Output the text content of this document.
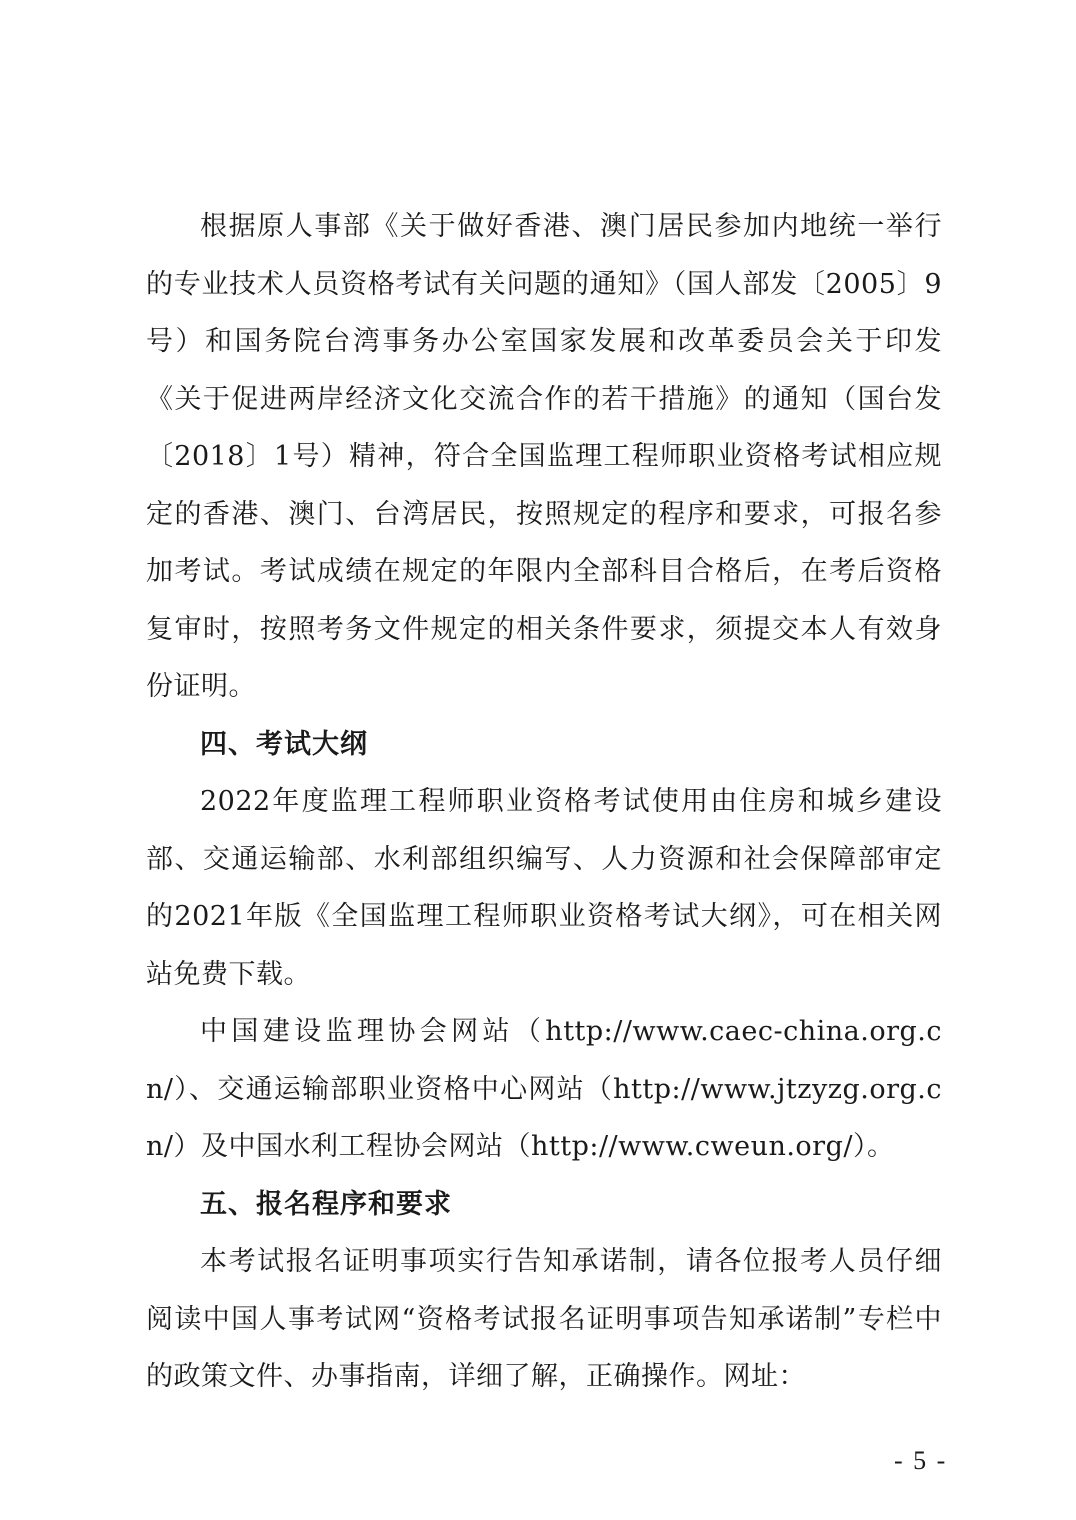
根据原人事部《关于做好香港、澳门居民参加内地统一举行的专业技术人员资格考试有关问题的通知》（国人部发〔2005〕9号）和国务院台湾事务办公室国家发展和改革委员会关于印发《关于促进两岸经济文化交流合作的若干措施》的通知（国台发〔2018〕1号）精神，符合全国监理工程师职业资格考试相应规定的香港、澳门、台湾居民，按照规定的程序和要求，可报名参加考试。考试成绩在规定的年限内全部科目合格后，在考后资格复审时，按照考务文件规定的相关条件要求，须提交本人有效身份证明。

四、考试大纲

2022年度监理工程师职业资格考试使用由住房和城乡建设部、交通运输部、水利部组织编写、人力资源和社会保障部审定的2021年版《全国监理工程师职业资格考试大纲》，可在相关网站免费下载。

中国建设监理协会网站（http://www.caec-china.org.cn/）、交通运输部职业资格中心网站（http://www.jtzyzg.org.cn/）及中国水利工程协会网站（http://www.cweun.org/）。

五、报名程序和要求

本考试报名证明事项实行告知承诺制，请各位报考人员仔细阅读中国人事考试网“资格考试报名证明事项告知承诺制”专栏中的政策文件、办事指南，详细了解，正确操作。网址：

- 5 -
